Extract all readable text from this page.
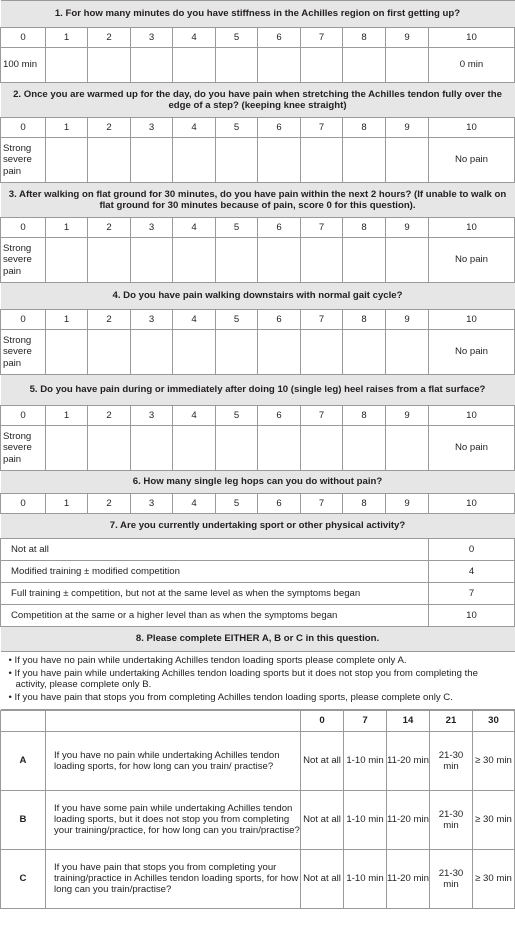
1. For how many minutes do you have stiffness in the Achilles region on first getting up?										
0	1	2	3	4	5	6	7	8	9	10
100 min										0 min
2. Once you are warmed up for the day, do you have pain when stretching the Achilles tendon fully over the edge of a step? (keeping knee straight)										
0	1	2	3	4	5	6	7	8	9	10
Strong severe pain										No pain
3. After walking on flat ground for 30 minutes, do you have pain within the next 2 hours? (If unable to walk on flat ground for 30 minutes because of pain, score 0 for this question).										
0	1	2	3	4	5	6	7	8	9	10
Strong severe pain										No pain
4. Do you have pain walking downstairs with normal gait cycle?										
0	1	2	3	4	5	6	7	8	9	10
Strong severe pain										No pain
5. Do you have pain during or immediately after doing 10 (single leg) heel raises from a flat surface?										
0	1	2	3	4	5	6	7	8	9	10
Strong severe pain										No pain
6. How many single leg hops can you do without pain?										
0	1	2	3	4	5	6	7	8	9	10
7. Are you currently undertaking sport or other physical activity?										
Not at all										0
Modified training ± modified competition										4
Full training ± competition, but not at the same level as when the symptoms began										7
Competition at the same or a higher level than as when the symptoms began										10
8. Please complete EITHER A, B or C in this question.										

• If you have no pain while undertaking Achilles tendon loading sports please complete only A.
• If you have pain while undertaking Achilles tendon loading sports but it does not stop you from completing the activity, please complete only B.
• If you have pain that stops you from completing Achilles tendon loading sports, please complete only C.										
		0	7	14	21	30
A	If you have no pain while undertaking Achilles tendon loading sports, for how long can you train/ practise?	Not at all	1-10 min	11-20 min	21-30 min	≥ 30 min
B	If you have some pain while undertaking Achilles tendon loading sports, but it does not stop you from completing your training/practice, for how long can you train/practise?	Not at all	1-10 min	11-20 min	21-30 min	≥ 30 min
C	If you have pain that stops you from completing your training/practice in Achilles tendon loading sports, for how long can you train/practise?	Not at all	1-10 min	11-20 min	21-30 min	≥ 30 min
